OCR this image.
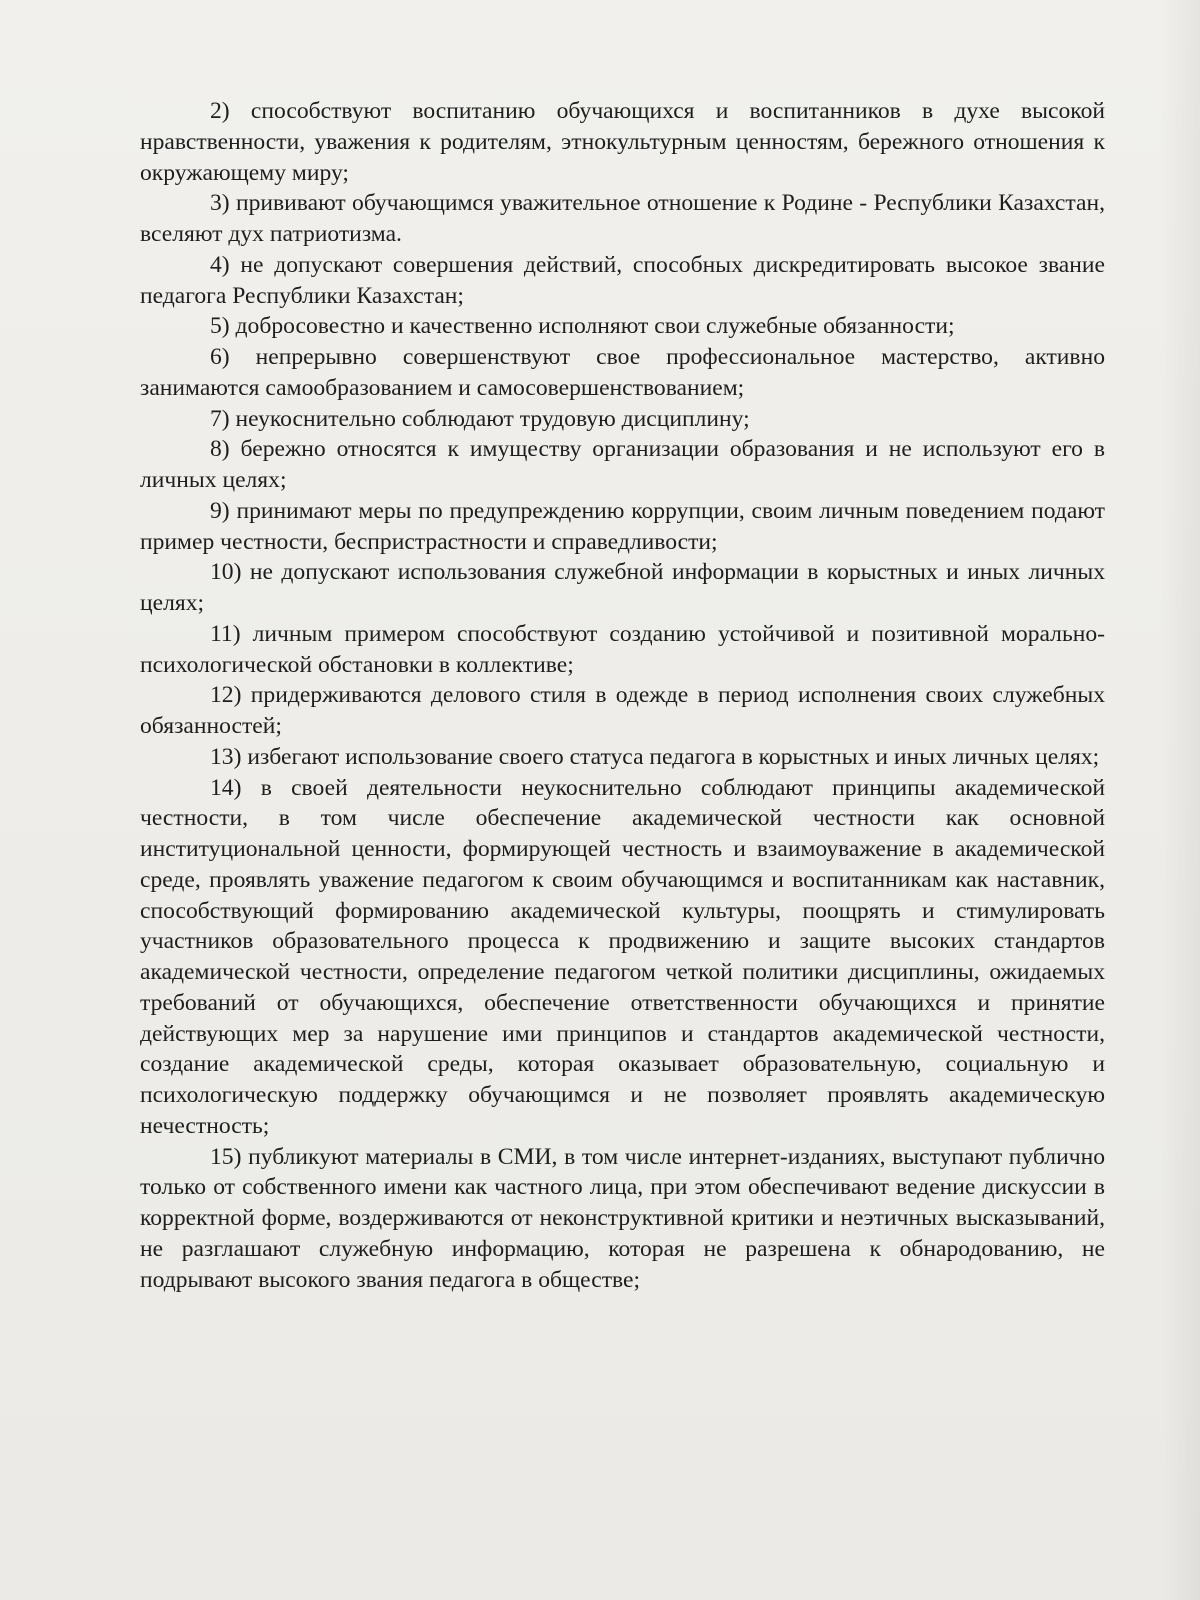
2) способствуют воспитанию обучающихся и воспитанников в духе высокой нравственности, уважения к родителям, этнокультурным ценностям, бережного отношения к окружающему миру;

3) прививают обучающимся уважительное отношение к Родине - Республики Казахстан, вселяют дух патриотизма.

4) не допускают совершения действий, способных дискредитировать высокое звание педагога Республики Казахстан;

5) добросовестно и качественно исполняют свои служебные обязанности;

6) непрерывно совершенствуют свое профессиональное мастерство, активно занимаются самообразованием и самосовершенствованием;

7) неукоснительно соблюдают трудовую дисциплину;

8) бережно относятся к имуществу организации образования и не используют его в личных целях;

9) принимают меры по предупреждению коррупции, своим личным поведением подают пример честности, беспристрастности и справедливости;

10) не допускают использования служебной информации в корыстных и иных личных целях;

11) личным примером способствуют созданию устойчивой и позитивной морально-психологической обстановки в коллективе;

12) придерживаются делового стиля в одежде в период исполнения своих служебных обязанностей;

13) избегают использование своего статуса педагога в корыстных и иных личных целях;

14) в своей деятельности неукоснительно соблюдают принципы академической честности, в том числе обеспечение академической честности как основной институциональной ценности, формирующей честность и взаимоуважение в академической среде, проявлять уважение педагогом к своим обучающимся и воспитанникам как наставник, способствующий формированию академической культуры, поощрять и стимулировать участников образовательного процесса к продвижению и защите высоких стандартов академической честности, определение педагогом четкой политики дисциплины, ожидаемых требований от обучающихся, обеспечение ответственности обучающихся и принятие действующих мер за нарушение ими принципов и стандартов академической честности, создание академической среды, которая оказывает образовательную, социальную и психологическую поддержку обучающимся и не позволяет проявлять академическую нечестность;

15) публикуют материалы в СМИ, в том числе интернет-изданиях, выступают публично только от собственного имени как частного лица, при этом обеспечивают ведение дискуссии в корректной форме, воздерживаются от неконструктивной критики и неэтичных высказываний, не разглашают служебную информацию, которая не разрешена к обнародованию, не подрывают высокого звания педагога в обществе;
